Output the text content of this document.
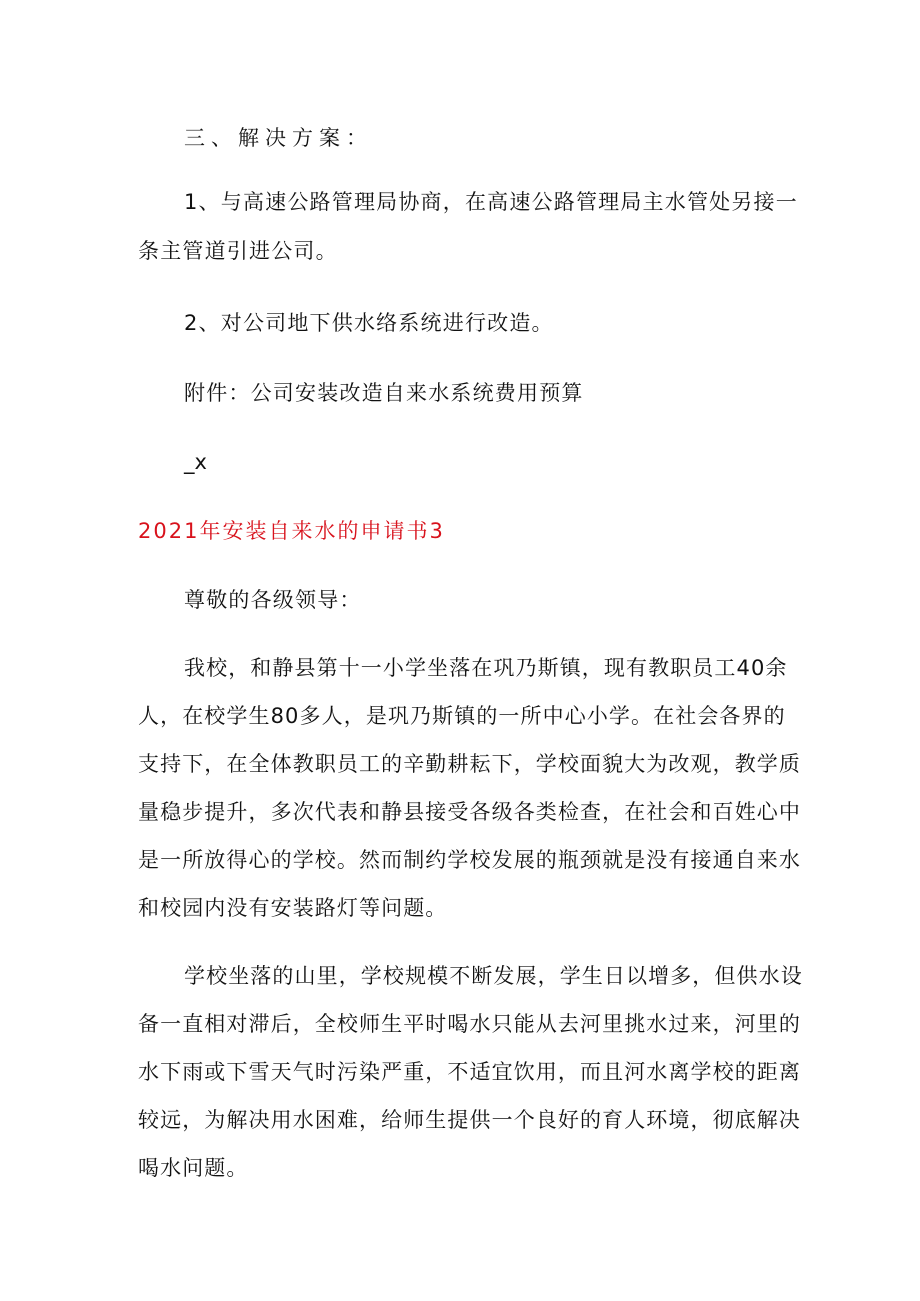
三、解决方案：
1、与高速公路管理局协商，在高速公路管理局主水管处另接一
条主管道引进公司。
2、对公司地下供水络系统进行改造。
附件：公司安装改造自来水系统费用预算
_x
2021年安装自来水的申请书3
尊敬的各级领导：
我校，和静县第十一小学坐落在巩乃斯镇，现有教职员工40余
人，在校学生80多人，是巩乃斯镇的一所中心小学。在社会各界的
支持下，在全体教职员工的辛勤耕耘下，学校面貌大为改观，教学质
量稳步提升，多次代表和静县接受各级各类检查，在社会和百姓心中
是一所放得心的学校。然而制约学校发展的瓶颈就是没有接通自来水
和校园内没有安装路灯等问题。
学校坐落的山里，学校规模不断发展，学生日以增多，但供水设
备一直相对滞后，全校师生平时喝水只能从去河里挑水过来，河里的
水下雨或下雪天气时污染严重，不适宜饮用，而且河水离学校的距离
较远，为解决用水困难，给师生提供一个良好的育人环境，彻底解决
喝水问题。
